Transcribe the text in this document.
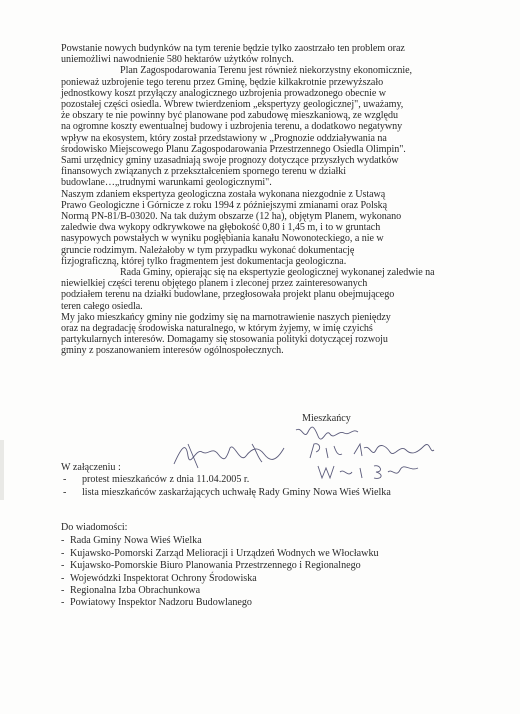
Powstanie nowych budynków na tym terenie będzie tylko zaostrzało ten problem oraz
uniemożliwi nawodnienie 580 hektarów użytków rolnych.
Plan Zagospodarowania Terenu jest również niekorzystny ekonomicznie,
ponieważ uzbrojenie tego terenu przez Gminę, będzie kilkakrotnie przewyższało
jednostkowy koszt przyłączy analogicznego uzbrojenia prowadzonego obecnie w
pozostałej części osiedla. Wbrew twierdzeniom „ekspertyzy geologicznej", uważamy,
że obszary te nie powinny być planowane pod zabudowę mieszkaniową, ze względu
na ogromne koszty ewentualnej budowy i uzbrojenia terenu, a dodatkowo negatywny
wpływ na ekosystem, który został przedstawiony w „Prognozie oddziaływania na
środowisko Miejscowego Planu Zagospodarowania Przestrzennego Osiedla Olimpin".
Sami urzędnicy gminy uzasadniają swoje prognozy dotyczące przyszłych wydatków
finansowych związanych z przekształceniem spornego terenu w działki
budowlane…„trudnymi warunkami geologicznymi".
Naszym zdaniem ekspertyza geologiczna została wykonana niezgodnie z Ustawą
Prawo Geologiczne i Górnicze z roku 1994 z późniejszymi zmianami oraz Polską
Normą PN-81/B-03020. Na tak dużym obszarze (12 ha), objętym Planem, wykonano
zaledwie dwa wykopy odkrywkowe na głębokość 0,80 i 1,45 m, i to w gruntach
nasypowych powstałych w wyniku pogłębiania kanału Nowonoteckiego, a nie w
gruncie rodzimym. Należałoby w tym przypadku wykonać dokumentację
fizjograficzną, której tylko fragmentem jest dokumentacja geologiczna.
Rada Gminy, opierając się na ekspertyzie geologicznej wykonanej zaledwie na
niewielkiej części terenu objętego planem i zleconej przez zainteresowanych
podziałem terenu na działki budowlane, przegłosowała projekt planu obejmującego
teren całego osiedla.
My jako mieszkańcy gminy nie godzimy się na marnotrawienie naszych pieniędzy
oraz na degradację środowiska naturalnego, w którym żyjemy, w imię czyichś
partykularnych interesów. Domagamy się stosowania polityki dotyczącej rozwoju
gminy z poszanowaniem interesów ogólnospołecznych.
Mieszkańcy
W załączeniu :
-	protest mieszkańców z dnia 11.04.2005 r.
-	lista mieszkańców zaskarżających uchwałę Rady Gminy Nowa Wieś Wielka
Do wiadomości:
- Rada Gminy Nowa Wieś Wielka
- Kujawsko-Pomorski Zarząd Melioracji i Urządzeń Wodnych we Włocławku
- Kujawsko-Pomorskie Biuro Planowania Przestrzennego i Regionalnego
- Wojewódzki Inspektorat Ochrony Środowiska
- Regionalna Izba Obrachunkowa
- Powiatowy Inspektor Nadzoru Budowlanego
